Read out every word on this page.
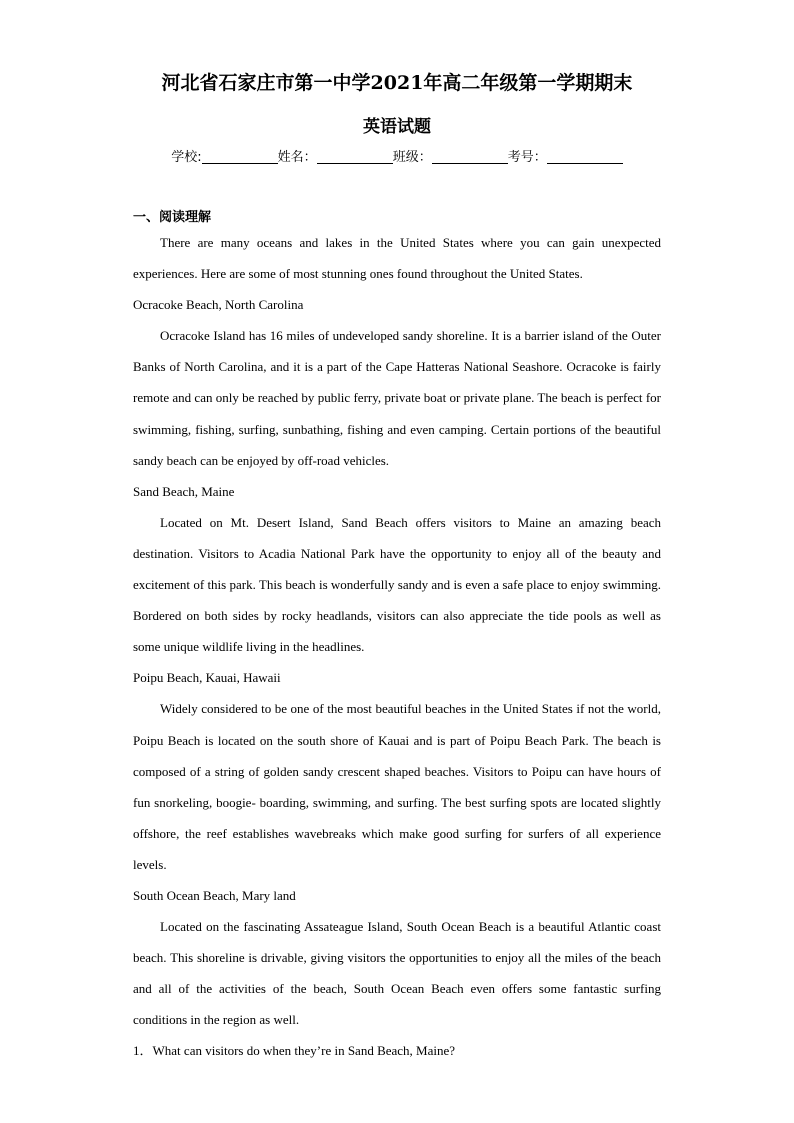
河北省石家庄市第一中学2021年高二年级第一学期期末
英语试题
学校:	姓名：	班级：	考号：
一、阅读理解

There are many oceans and lakes in the United States where you can gain unexpected experiences. Here are some of most stunning ones found throughout the United States.

Ocracoke Beach, North Carolina

Ocracoke Island has 16 miles of undeveloped sandy shoreline. It is a barrier island of the Outer Banks of North Carolina, and it is a part of the Cape Hatteras National Seashore. Ocracoke is fairly remote and can only be reached by public ferry, private boat or private plane. The beach is perfect for swimming, fishing, surfing, sunbathing, fishing and even camping. Certain portions of the beautiful sandy beach can be enjoyed by off-road vehicles.

Sand Beach, Maine

Located on Mt. Desert Island, Sand Beach offers visitors to Maine an amazing beach destination. Visitors to Acadia National Park have the opportunity to enjoy all of the beauty and excitement of this park. This beach is wonderfully sandy and is even a safe place to enjoy swimming. Bordered on both sides by rocky headlands, visitors can also appreciate the tide pools as well as some unique wildlife living in the headlines.

Poipu Beach, Kauai, Hawaii

Widely considered to be one of the most beautiful beaches in the United States if not the world, Poipu Beach is located on the south shore of Kauai and is part of Poipu Beach Park. The beach is composed of a string of golden sandy crescent shaped beaches. Visitors to Poipu can have hours of fun snorkeling, boogie- boarding, swimming, and surfing. The best surfing spots are located slightly offshore, the reef establishes wavebreaks which make good surfing for surfers of all experience levels.

South Ocean Beach, Mary land

Located on the fascinating Assateague Island, South Ocean Beach is a beautiful Atlantic coast beach. This shoreline is drivable, giving visitors the opportunities to enjoy all the miles of the beach and all of the activities of the beach, South Ocean Beach even offers some fantastic surfing conditions in the region as well.

1．What can visitors do when they’re in Sand Beach, Maine?
